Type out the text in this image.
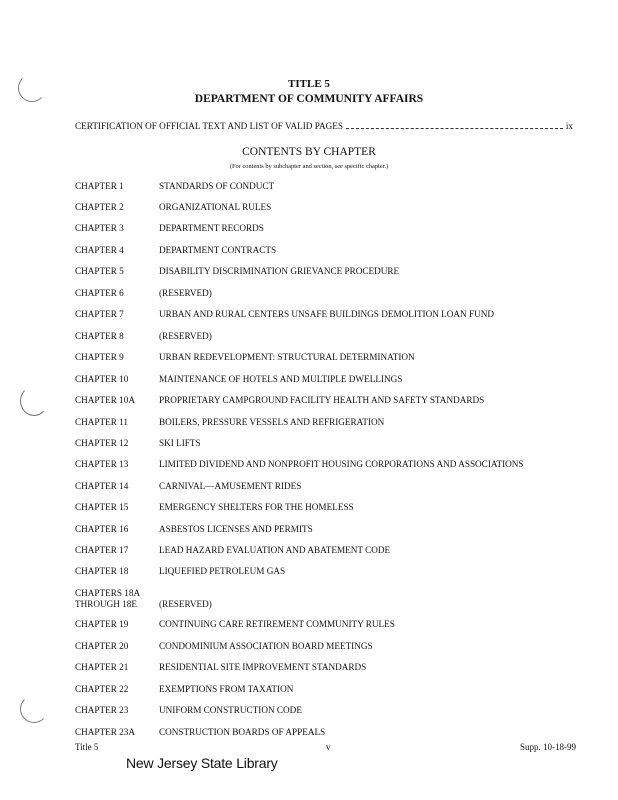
TITLE 5
DEPARTMENT OF COMMUNITY AFFAIRS
CERTIFICATION OF OFFICIAL TEXT AND LIST OF VALID PAGES	ix
CONTENTS BY CHAPTER
(For contents by subchapter and section, see specific chapter.)
CHAPTER 1	STANDARDS OF CONDUCT
CHAPTER 2	ORGANIZATIONAL RULES
CHAPTER 3	DEPARTMENT RECORDS
CHAPTER 4	DEPARTMENT CONTRACTS
CHAPTER 5	DISABILITY DISCRIMINATION GRIEVANCE PROCEDURE
CHAPTER 6	(RESERVED)
CHAPTER 7	URBAN AND RURAL CENTERS UNSAFE BUILDINGS DEMOLITION LOAN FUND
CHAPTER 8	(RESERVED)
CHAPTER 9	URBAN REDEVELOPMENT: STRUCTURAL DETERMINATION
CHAPTER 10	MAINTENANCE OF HOTELS AND MULTIPLE DWELLINGS
CHAPTER 10A	PROPRIETARY CAMPGROUND FACILITY HEALTH AND SAFETY STANDARDS
CHAPTER 11	BOILERS, PRESSURE VESSELS AND REFRIGERATION
CHAPTER 12	SKI LIFTS
CHAPTER 13	LIMITED DIVIDEND AND NONPROFIT HOUSING CORPORATIONS AND ASSOCIATIONS
CHAPTER 14	CARNIVAL—AMUSEMENT RIDES
CHAPTER 15	EMERGENCY SHELTERS FOR THE HOMELESS
CHAPTER 16	ASBESTOS LICENSES AND PERMITS
CHAPTER 17	LEAD HAZARD EVALUATION AND ABATEMENT CODE
CHAPTER 18	LIQUEFIED PETROLEUM GAS
CHAPTERS 18A
THROUGH 18E	(RESERVED)
CHAPTER 19	CONTINUING CARE RETIREMENT COMMUNITY RULES
CHAPTER 20	CONDOMINIUM ASSOCIATION BOARD MEETINGS
CHAPTER 21	RESIDENTIAL SITE IMPROVEMENT STANDARDS
CHAPTER 22	EXEMPTIONS FROM TAXATION
CHAPTER 23	UNIFORM CONSTRUCTION CODE
CHAPTER 23A	CONSTRUCTION BOARDS OF APPEALS
Title 5	v	Supp. 10-18-99
New Jersey State Library
